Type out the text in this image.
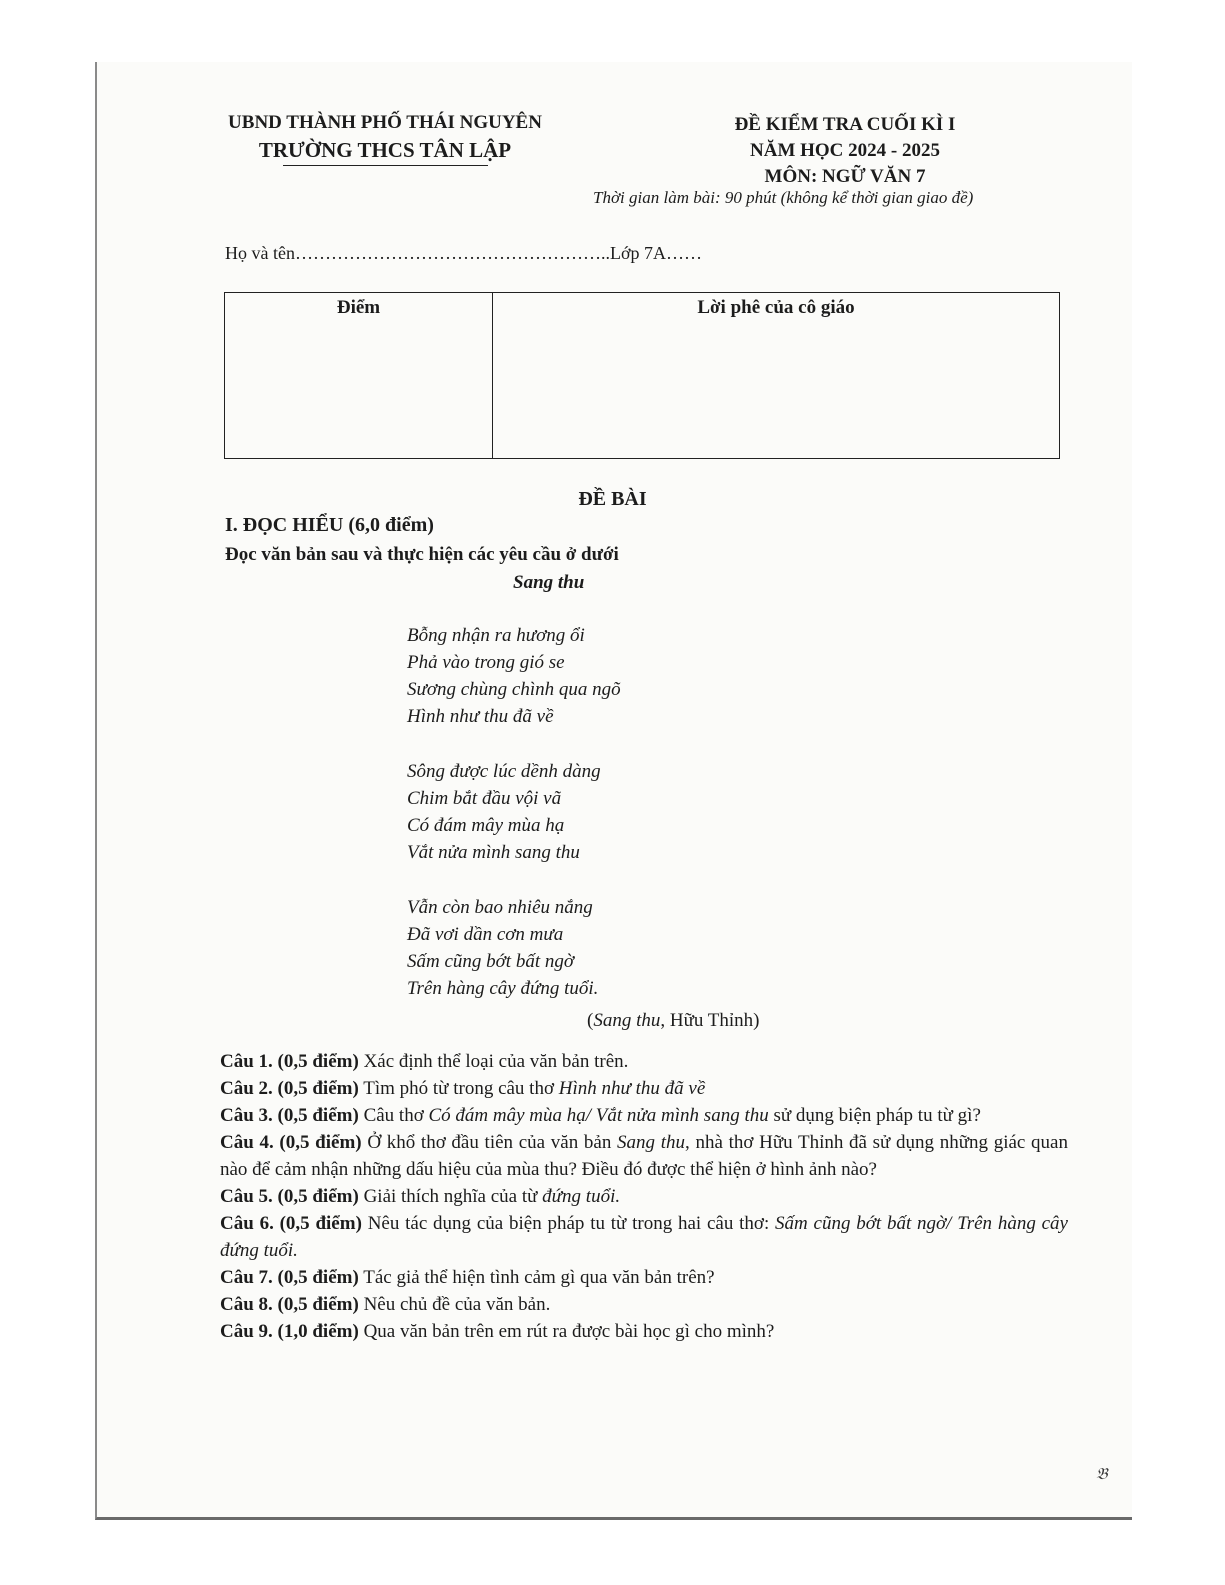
UBND THÀNH PHỐ THÁI NGUYÊN
TRƯỜNG THCS TÂN LẬP
ĐỀ KIỂM TRA CUỐI KÌ I
NĂM HỌC 2024 - 2025
MÔN: NGỮ VĂN 7
Thời gian làm bài: 90 phút (không kể thời gian giao đề)
Họ và tên……………………………………………..Lớp 7A……
Điểm	Lời phê của cô giáo
ĐỀ BÀI
I. ĐỌC HIỂU (6,0 điểm)
Đọc văn bản sau và thực hiện các yêu cầu ở dưới
Sang thu
Bỗng nhận ra hương ổi
Phả vào trong gió se
Sương chùng chình qua ngõ
Hình như thu đã về
Sông được lúc dềnh dàng
Chim bắt đầu vội vã
Có đám mây mùa hạ
Vắt nửa mình sang thu
Vẫn còn bao nhiêu nắng
Đã vơi dần cơn mưa
Sấm cũng bớt bất ngờ
Trên hàng cây đứng tuổi.
(Sang thu, Hữu Thỉnh)
Câu 1. (0,5 điểm) Xác định thể loại của văn bản trên.
Câu 2. (0,5 điểm) Tìm phó từ trong câu thơ Hình như thu đã về
Câu 3. (0,5 điểm) Câu thơ Có đám mây mùa hạ/ Vắt nửa mình sang thu sử dụng biện pháp tu từ gì?
Câu 4. (0,5 điểm) Ở khổ thơ đầu tiên của văn bản Sang thu, nhà thơ Hữu Thỉnh đã sử dụng những giác quan nào để cảm nhận những dấu hiệu của mùa thu? Điều đó được thể hiện ở hình ảnh nào?
Câu 5. (0,5 điểm) Giải thích nghĩa của từ đứng tuổi.
Câu 6. (0,5 điểm) Nêu tác dụng của biện pháp tu từ trong hai câu thơ: Sấm cũng bớt bất ngờ/ Trên hàng cây đứng tuổi.
Câu 7. (0,5 điểm) Tác giả thể hiện tình cảm gì qua văn bản trên?
Câu 8. (0,5 điểm) Nêu chủ đề của văn bản.
Câu 9. (1,0 điểm) Qua văn bản trên em rút ra được bài học gì cho mình?
𝔅
